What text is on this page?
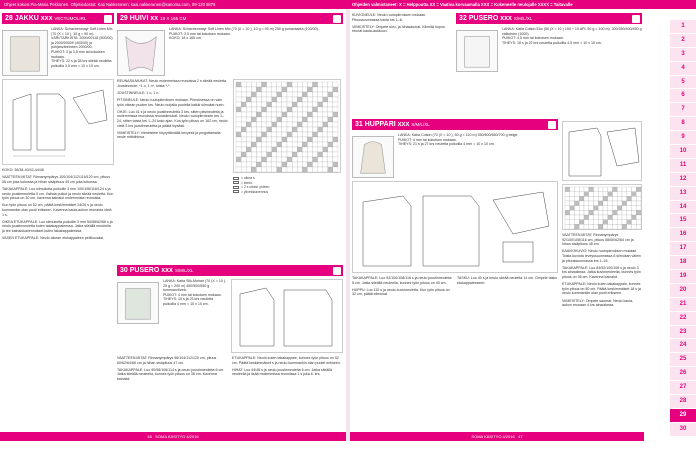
Ohjeet kokosi Pia-Maria Pekkonen. Ohjetiedostot: Kati Nakkeranen; kasi.nakkeranen@sanoma.com, 09-120 5876	Ohjeiden valmistaneet: X = Helppoutta XX = Vaativa korvaamalla XXX = Kokeneelle neulojalle XXXX = Taitavalle
28 JAKKU xxx VECTUMOLIRL

LANKA: Schachenmayr Soft Linen Mix (70 (X = 10 ), 10 g = 90 m). VÄRI/TARKISTA: 2000/00118 (500/00) ja 2000/00009 (400/00) ja pohjanväreineen 2000/00.

PUIKOT: 3 ja 3,5 mm tai kokoisen mukaan.

TIHEYS: 22 s ja 28 krs sileää neuletta puikoilla 3,5 mm = 10 x 10 cm.

KOKO: 36/38-40/42-44/46

VAATTEEN MITAT: Rinnanympärys 100/104/112/116/120 cm, pituus 55 cm joka kokossa ja hihan sisäpituus 45 cm joka kokossa.

TAKAKAPPALE: Luo silmukoita puikoille 3 mm 100/108/116/124 s ja neulo joustinneuletta 5 cm. Vaihda puikot ja neulo sileää neuletta. Kun työn pituus on 30 cm, kavenna kainalot molemmista reunoista.

Kun työn pituus on 52 cm, päätä keskimmäiset 24/26 s ja neulo kummankin olan puoli erikseen. Kavenna kaula-aukon reunasta vielä 1 s.

OIKEA ETUKAPPALE: Luo silmukoita puikoille 3 mm 54/58/62/66 s ja neulo joustinneuletta kuten takakappaleessa. Jatka sileällä neuleella ja tee kainalokavennukset kuten takakappaleessa.

VASEN ETUKAPPALE: Neulo oikean etukappaleen peilikuvaksi.

29 HUIVI xx 18 X 165 CM

LANKA: Schachenmayr Soft Linen Mix (70 (X = 10 ), 10 g = 93 m) 250 g punavaalea (100/00).

PUIKOT: 3,5 mm tai kokoisen mukaan.

KOKO: 18 x 165 cm

REUNASILMUKAT: Neulo molemmissa reunoissa 2 s sileää neuletta. Joustinneule: *1 o, 1 n*, toista *-*.

JOUSTINNEULE: 1 o, 1 n.

PITSINEULE: Neulo ruutupiirroksen mukaan. Piirroksessa on vain työn oikean puolen krs. Neulo nurjalla puolella kaikki silmukat nurin.

OHJE: Luo 41 s ja neulo joustinneuletta 3 krs, sitten pitsineuletta ja molemmissa reunoissa reunasilmukat. Neulo ruutupiirroksen krs 1–24, sitten toista krs 1–24 koko ajan. Kun työn pituus on 162 cm, neulo vielä 3 krs joustinneuletta ja päätä löysästi.

VIIMEISTELY: Viimeistele höyryttämällä kevyesti ja pingottamalla neule mittoihinsa.

= oikea s
= kierto
= 2 s oikein yhteen
= ylivetokavennus
30 PUSERO xxx S/M/L/XL

LANKA: Katia Silk-Mohair (70 (X = 10 ), 25 g = 200 m) 450/500/550 g tummanvihreä.

PUIKOT: 4 mm tai kokoisen mukaan.

TIHEYS: 19 s ja 23 krs neuletta puikoilla 4 mm = 10 x 10 cm.

VAATTEEN MITAT: Rinnanympärys 96/104/112/120 cm, pituus 60/62/64/66 cm ja hihan sisäpituus 47 cm.

TAKAKAPPALE: Luo 90/98/106/114 s ja neulo joustinneuletta 6 cm. Jatka sileällä neuleella, kunnes työn pituus on 38 cm. Kavenna kainalot.

ETUKAPPALE: Neulo kuten takakappale, kunnes työn pituus on 52 cm. Päätä keskimmäiset s ja neulo kummankin olan puolet erikseen.

HIHAT: Luo 44/46 s ja neulo joustinneuletta 6 cm. Jatka sileällä neuleella ja lisää molemmissa reunoissa 1 s joka 6. krs.

46 SOMA KÄSITYÖ 4/2016

KUVIONEULE: Neulo ruutupiirroksen mukaan. Pituussuunnassa toista krs 1–8.

VIIMEISTELY: Ompele sivu- ja hihasaumat. Kiinnitä hupun reunat kaula-aukkoon.

31 HUPPARI xxx S/M/L/XL

LANKA: Katia Cotton (70 (X = 10 ), 50 g = 110 m) 550/600/650/700 g beige.

PUIKOT: 4 mm tai kokoisen mukaan.

TIHEYS: 21 s ja 27 krs neuletta puikoilla 4 mm = 10 x 10 cm.

TAKAKAPPALE: Luo 92/100/108/116 s ja neulo joustinneuletta 5 cm. Jatka sileällä neuleella, kunnes työn pituus on 40 cm.

HUPPU: Luo 110 s ja neulo kuvioneuletta. Kun työn pituus on 32 cm, päätä silmukat.

TASKU: Luo 40 s ja neulo sileää neuletta 14 cm. Ompele tasku etukappaleeseen.

32 PUSERO xxx S/M/L/XL

LANKA: Katia Cotton Eko (50 (X = 10 ) 100 + 10 APL 50 g = 100 m). 300/350/400/450 g valkoinen (1000).

PUIKOT: 4,5 mm tai kokoisen mukaan.

TIHEYS: 18 s ja 22 krs neuletta puikoilla 4,5 mm = 10 x 10 cm.

VAATTEEN MITAT: Rinnanympärys 92/100/108/116 cm, pituus 58/60/62/64 cm ja hihan sisäpituus 45 cm.

KAAVIOKUVIO: Neulo ruutupiirroksen mukaan. Toista kuviota leveyssuunnassa 8 silmukan välein ja pituussuunnassa krs 1–16.

TAKAKAPPALE: Luo 84/92/100/108 s ja neulo 3 krs ainaoikeaa. Jatka kuvioneuleella, kunnes työn pituus on 36 cm. Kavenna kainalot.

ETUKAPPALE: Neulo kuten takakappale, kunnes työn pituus on 50 cm. Päätä keskimmäiset 18 s ja neulo kummankin olan puoli erikseen.

VIIMEISTELY: Ompele saumat. Neulo kaula-aukon reunaan 4 krs ainaoikeaa.

SOMA KÄSITYÖ 4/2016 47
1
2
3
4
5
6
7
8
9
10
11
12
13
14
15
16
17
18
19
20
21
22
23
24
25
26
27
28
29
30
